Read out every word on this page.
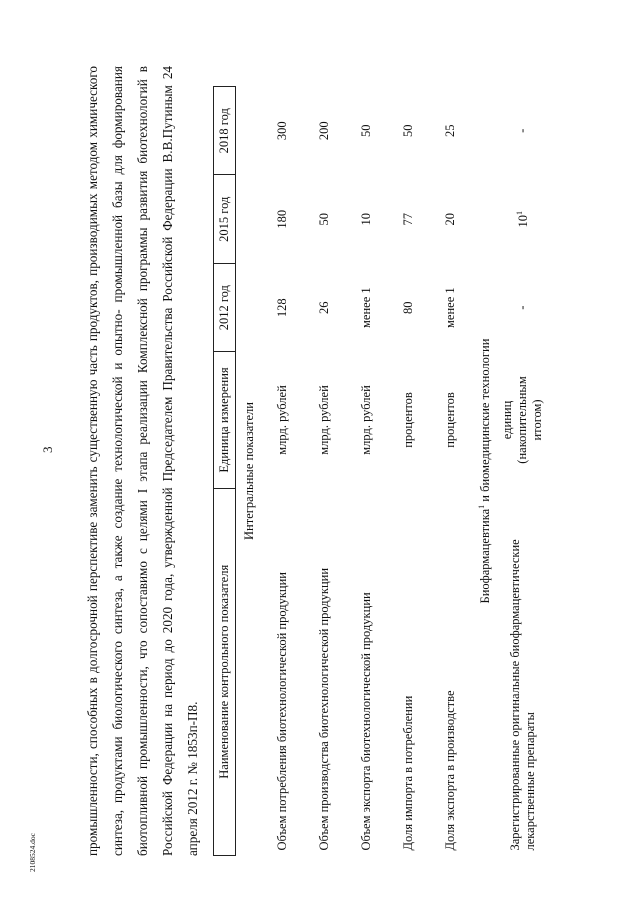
3
2108524.doc	промышленности, способных в долгосрочной перспективе заменить существенную часть продуктов, производимых методом химического синтеза, продуктами биологического синтеза, а также создание технологической и опытно- промышленной базы для формирования биотопливной промышленности, что сопоставимо с целями I этапа реализации Комплексной программы развития биотехнологий в Российской Федерации на период до 2020 года, утвержденной Председателем Правительства Российской Федерации В.В.Путиным 24 апреля 2012 г. № 1853п-П8.

Наименование контрольного показателя	Единица измерения	2012 год	2015 год	2018 год
Интегральные показатели				
Объем потребления биотехнологической продукции	млрд. рублей	128	180	300
Объем производства биотехнологической продукции	млрд. рублей	26	50	200
Объем экспорта биотехнологической продукции	млрд. рублей	менее 1	10	50
Доля импорта в потреблении	процентов	80	77	50
Доля экспорта в производстве	процентов	менее 1	20	25
Биофармацевтика$^1$ и биомедицинские технологии				
Зарегистрированные оригинальные биофармацевтические лекарственные препараты	единиц (накопительным итогом)	-	$10^1$	-
